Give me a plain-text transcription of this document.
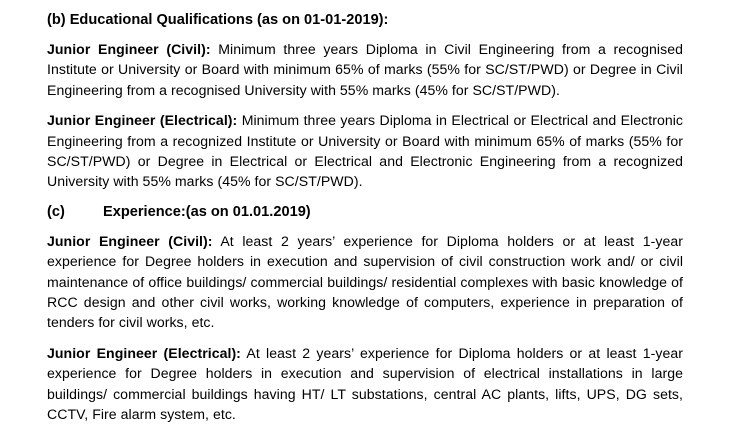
(b) Educational Qualifications (as on 01-01-2019):

Junior Engineer (Civil): Minimum three years Diploma in Civil Engineering from a recognised Institute or University or Board with minimum 65% of marks (55% for SC/ST/PWD) or Degree in Civil Engineering from a recognised University with 55% marks (45% for SC/ST/PWD).

Junior Engineer (Electrical): Minimum three years Diploma in Electrical or Electrical and Electronic Engineering from a recognized Institute or University or Board with minimum 65% of marks (55% for SC/ST/PWD) or Degree in Electrical or Electrical and Electronic Engineering from a recognized University with 55% marks (45% for SC/ST/PWD).

(c)	Experience:(as on 01.01.2019)

Junior Engineer (Civil): At least 2 years’ experience for Diploma holders or at least 1-year experience for Degree holders in execution and supervision of civil construction work and/ or civil maintenance of office buildings/ commercial buildings/ residential complexes with basic knowledge of RCC design and other civil works, working knowledge of computers, experience in preparation of tenders for civil works, etc.

Junior Engineer (Electrical): At least 2 years’ experience for Diploma holders or at least 1-year experience for Degree holders in execution and supervision of electrical installations in large buildings/ commercial buildings having HT/ LT substations, central AC plants, lifts, UPS, DG sets, CCTV, Fire alarm system, etc.
